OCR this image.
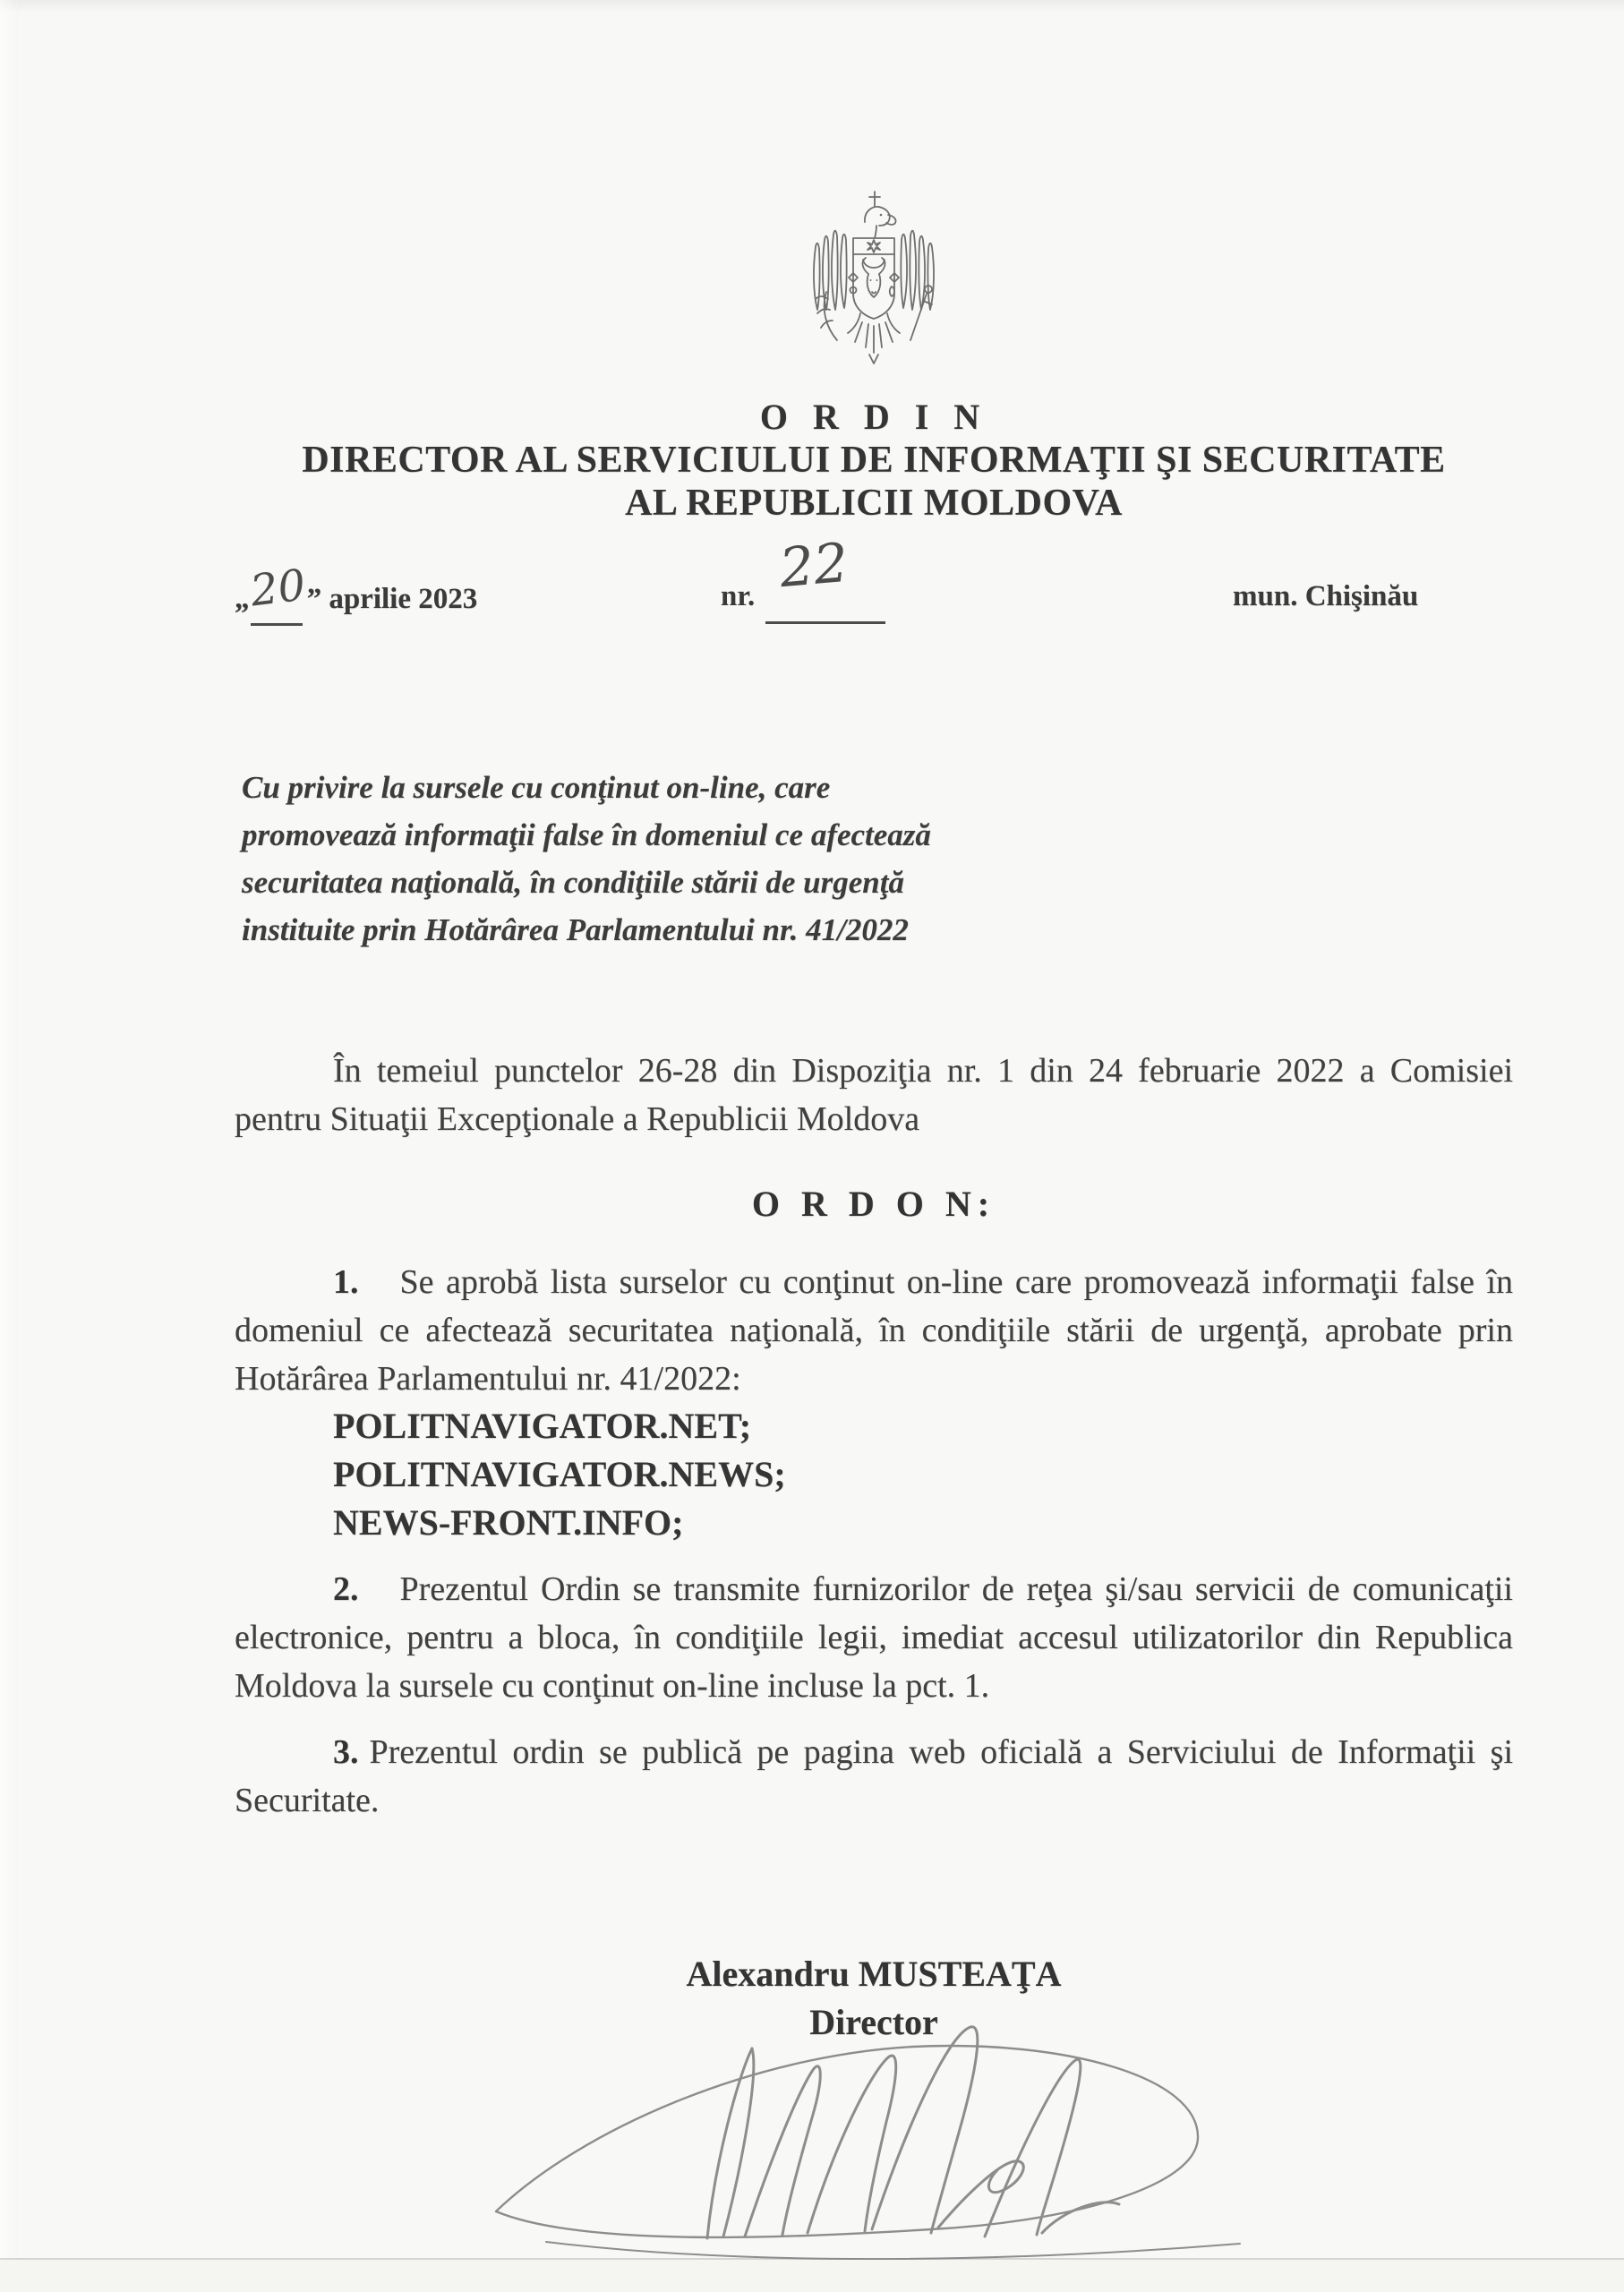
O R D I N
DIRECTOR AL SERVICIULUI DE INFORMAŢII ŞI SECURITATE
AL REPUBLICII MOLDOVA
„20” aprilie 2023	nr. 22	mun. Chişinău
Cu privire la sursele cu conţinut on-line, care
promovează informaţii false în domeniul ce afectează
securitatea naţională, în condiţiile stării de urgenţă
instituite prin Hotărârea Parlamentului nr. 41/2022
În temeiul punctelor 26-28 din Dispoziţia nr. 1 din 24 februarie 2022 a Comisiei pentru Situaţii Excepţionale a Republicii Moldova
O R D O N:
1. Se aprobă lista surselor cu conţinut on-line care promovează informaţii false în domeniul ce afectează securitatea naţională, în condiţiile stării de urgenţă, aprobate prin Hotărârea Parlamentului nr. 41/2022:
POLITNAVIGATOR.NET;
POLITNAVIGATOR.NEWS;
NEWS-FRONT.INFO;
2. Prezentul Ordin se transmite furnizorilor de reţea şi/sau servicii de comunicaţii electronice, pentru a bloca, în condiţiile legii, imediat accesul utilizatorilor din Republica Moldova la sursele cu conţinut on-line incluse la pct. 1.
3. Prezentul ordin se publică pe pagina web oficială a Serviciului de Informaţii şi Securitate.
Alexandru MUSTEAŢA
Director
